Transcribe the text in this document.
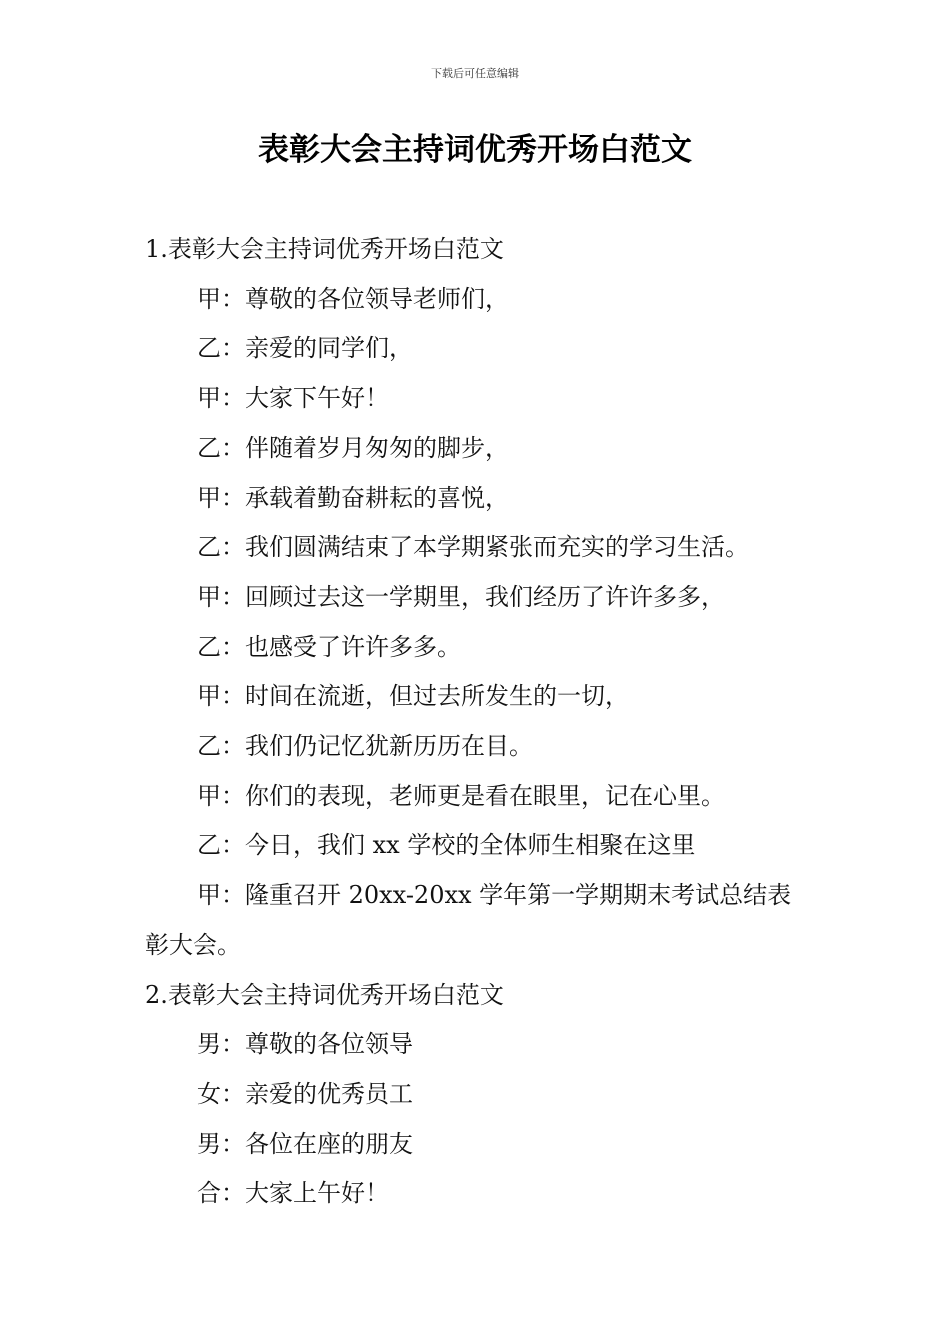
下载后可任意编辑
表彰大会主持词优秀开场白范文

1.表彰大会主持词优秀开场白范文

甲：尊敬的各位领导老师们，

乙：亲爱的同学们，

甲：大家下午好！

乙：伴随着岁月匆匆的脚步，

甲：承载着勤奋耕耘的喜悦，

乙：我们圆满结束了本学期紧张而充实的学习生活。

甲：回顾过去这一学期里，我们经历了许许多多，

乙：也感受了许许多多。

甲：时间在流逝，但过去所发生的一切，

乙：我们仍记忆犹新历历在目。

甲：你们的表现，老师更是看在眼里，记在心里。

乙：今日，我们 xx 学校的全体师生相聚在这里

甲：隆重召开 20xx-20xx 学年第一学期期末考试总结表彰大会。

2.表彰大会主持词优秀开场白范文

男：尊敬的各位领导

女：亲爱的优秀员工

男：各位在座的朋友

合：大家上午好！
